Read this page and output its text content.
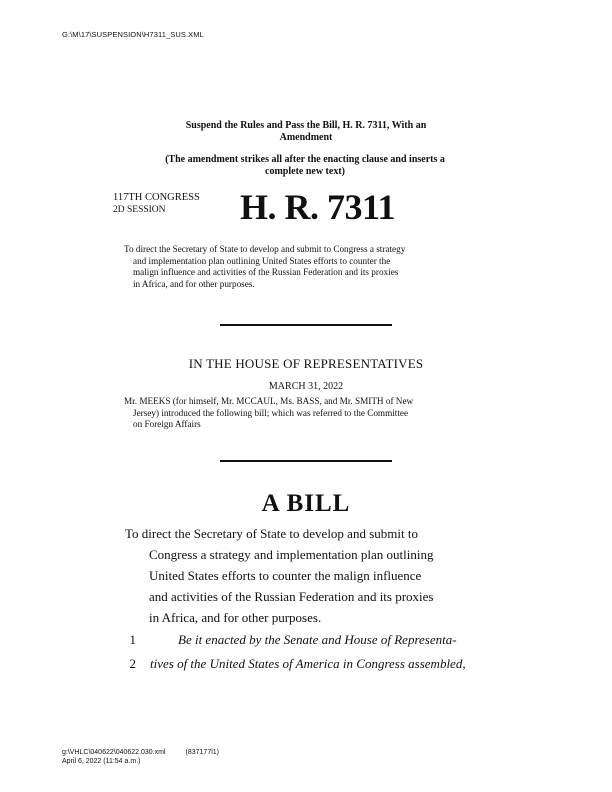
G:\M\17\SUSPENSION\H7311_SUS.XML
Suspend the Rules and Pass the Bill, H. R. 7311, With an
Amendment
(The amendment strikes all after the enacting clause and inserts a
complete new text)
117TH CONGRESS
2D SESSION H. R. 7311
To direct the Secretary of State to develop and submit to Congress a strategy
and implementation plan outlining United States efforts to counter the
malign influence and activities of the Russian Federation and its proxies
in Africa, and for other purposes.
IN THE HOUSE OF REPRESENTATIVES
MARCH 31, 2022
Mr. MEEKS (for himself, Mr. MCCAUL, Ms. BASS, and Mr. SMITH of New
Jersey) introduced the following bill; which was referred to the Committee
on Foreign Affairs
A BILL
To direct the Secretary of State to develop and submit to
Congress a strategy and implementation plan outlining
United States efforts to counter the malign influence
and activities of the Russian Federation and its proxies
in Africa, and for other purposes.
1	Be it enacted by the Senate and House of Representa-
2 tives of the United States of America in Congress assembled,
g:\VHLC\040622\040622.030.xml	(837177l1)
April 6, 2022 (11:54 a.m.)
